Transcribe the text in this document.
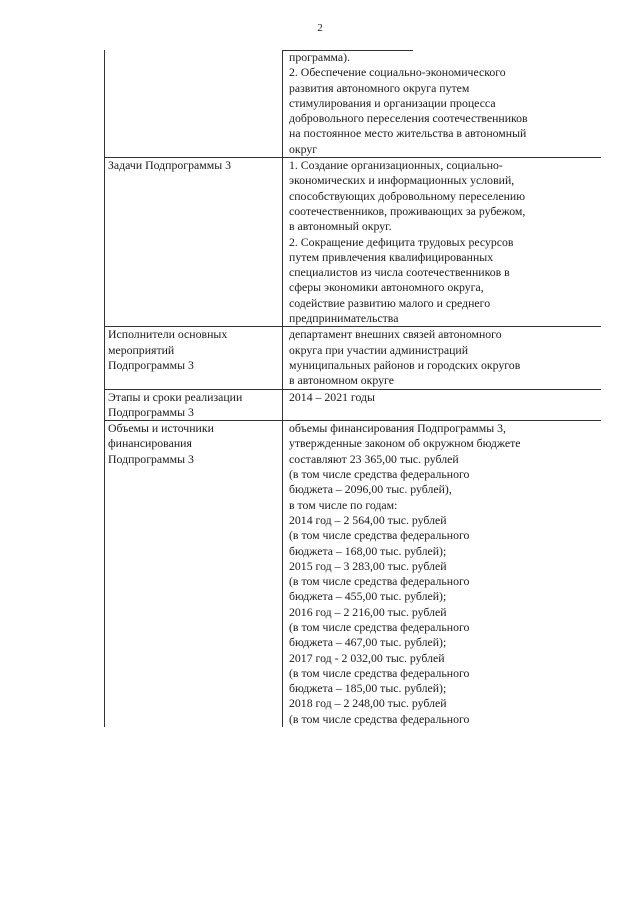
2
программа).
2. Обеспечение социально-экономического
развития автономного округа путем
стимулирования и организации процесса
добровольного переселения соотечественников
на постоянное место жительства в автономный
округ
Задачи Подпрограммы 3	1. Создание организационных, социально-
экономических и информационных условий,
способствующих добровольному переселению
соотечественников, проживающих за рубежом,
в автономный округ.
2. Сокращение дефицита трудовых ресурсов
путем привлечения квалифицированных
специалистов из числа соотечественников в
сферы экономики автономного округа,
содействие развитию малого и среднего
предпринимательства
Исполнители основных
мероприятий
Подпрограммы 3
департамент внешних связей автономного
округа при участии администраций
муниципальных районов и городских округов
в автономном округе
Этапы и сроки реализации
Подпрограммы 3
2014 – 2021 годы
Объемы и источники
финансирования
Подпрограммы 3
объемы финансирования Подпрограммы 3,
утвержденные законом об окружном бюджете
составляют 23 365,00 тыс. рублей
(в том числе средства федерального
бюджета – 2096,00 тыс. рублей),
в том числе по годам:
2014 год – 2 564,00 тыс. рублей
(в том числе средства федерального
бюджета – 168,00 тыс. рублей);
2015 год – 3 283,00 тыс. рублей
(в том числе средства федерального
бюджета – 455,00 тыс. рублей);
2016 год – 2 216,00 тыс. рублей
(в том числе средства федерального
бюджета – 467,00 тыс. рублей);
2017 год - 2 032,00 тыс. рублей
(в том числе средства федерального
бюджета – 185,00 тыс. рублей);
2018 год – 2 248,00 тыс. рублей
(в том числе средства федерального
